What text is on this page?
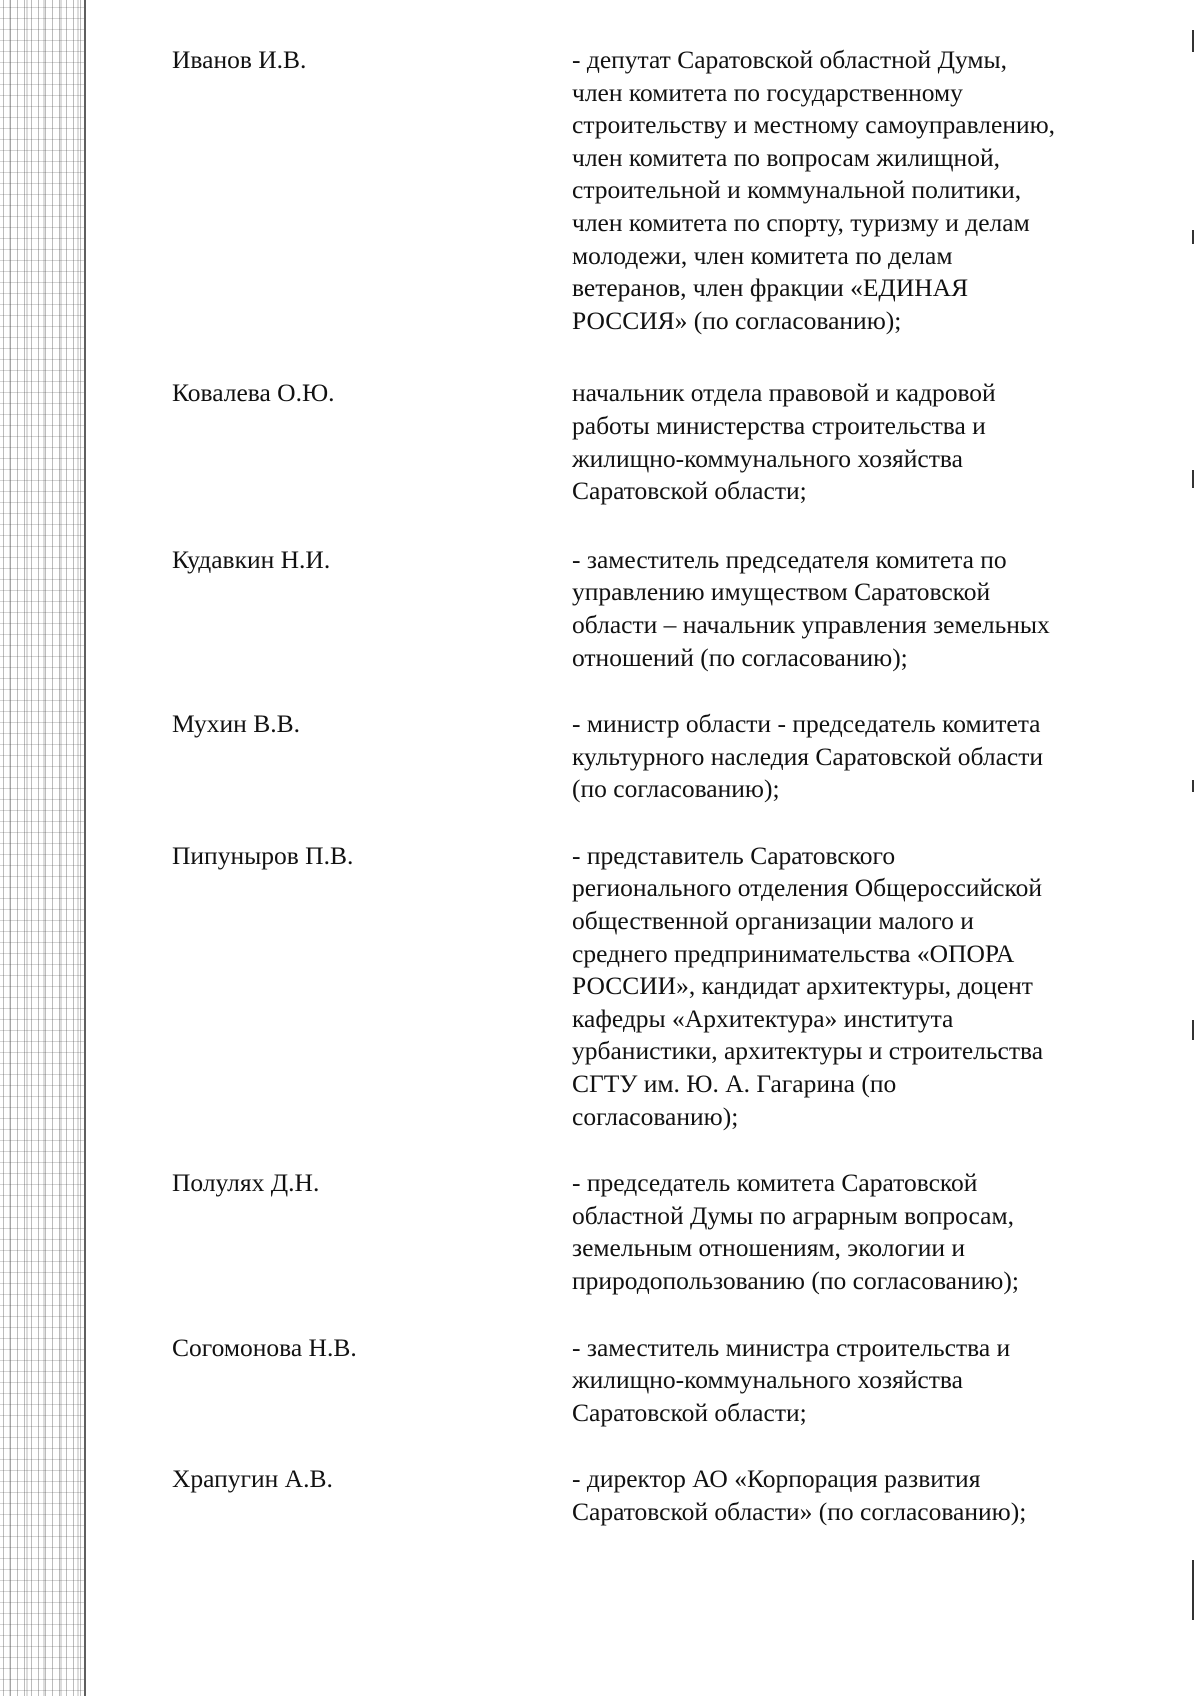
Иванов И.В.	- депутат Саратовской областной Думы,
член комитета по государственному
строительству и местному самоуправлению,
член комитета по вопросам жилищной,
строительной и коммунальной политики,
член комитета по спорту, туризму и делам
молодежи, член комитета по делам
ветеранов, член фракции «ЕДИНАЯ
РОССИЯ» (по согласованию);
Ковалева О.Ю.	начальник отдела правовой и кадровой
работы министерства строительства и
жилищно-коммунального хозяйства
Саратовской области;
Кудавкин Н.И.	- заместитель председателя комитета по
управлению имуществом Саратовской
области – начальник управления земельных
отношений (по согласованию);
Мухин В.В.	- министр области - председатель комитета
культурного наследия Саратовской области
(по согласованию);
Пипуныров П.В.	- представитель Саратовского
регионального отделения Общероссийской
общественной организации малого и
среднего предпринимательства «ОПОРА
РОССИИ», кандидат архитектуры, доцент
кафедры «Архитектура» института
урбанистики, архитектуры и строительства
СГТУ им. Ю. А. Гагарина (по
согласованию);
Полулях Д.Н.	- председатель комитета Саратовской
областной Думы по аграрным вопросам,
земельным отношениям, экологии и
природопользованию (по согласованию);
Согомонова Н.В.	- заместитель министра строительства и
жилищно-коммунального хозяйства
Саратовской области;
Храпугин А.В.	- директор АО «Корпорация развития
Саратовской области» (по согласованию);
